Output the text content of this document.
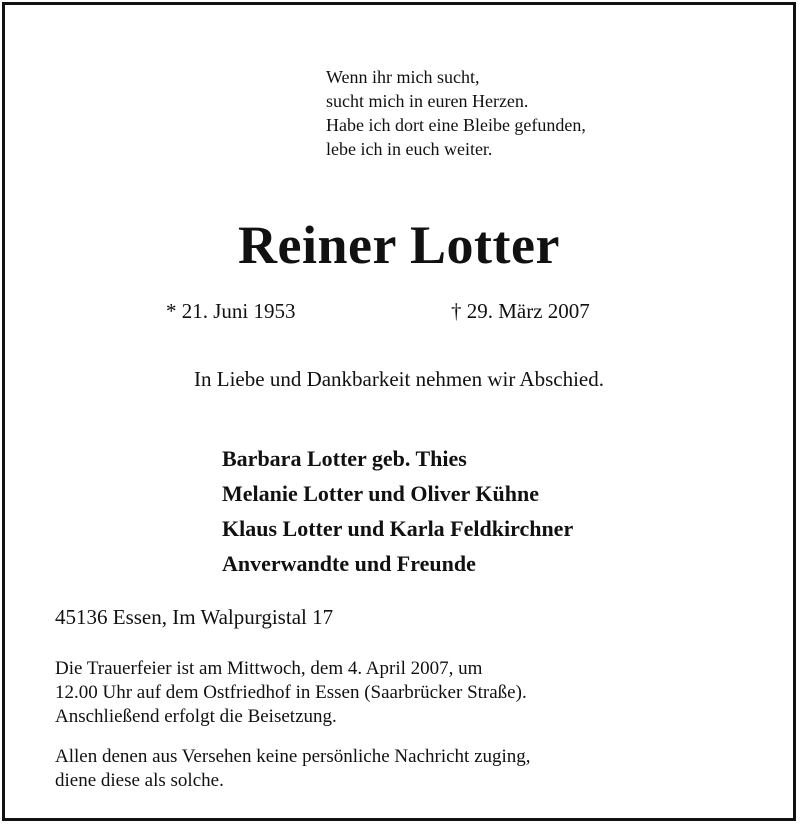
Wenn ihr mich sucht,
sucht mich in euren Herzen.
Habe ich dort eine Bleibe gefunden,
lebe ich in euch weiter.
Reiner Lotter
* 21. Juni 1953	† 29. März 2007
In Liebe und Dankbarkeit nehmen wir Abschied.
Barbara Lotter geb. Thies
Melanie Lotter und Oliver Kühne
Klaus Lotter und Karla Feldkirchner
Anverwandte und Freunde
45136 Essen, Im Walpurgistal 17
Die Trauerfeier ist am Mittwoch, dem 4. April 2007, um
12.00 Uhr auf dem Ostfriedhof in Essen (Saarbrücker Straße).
Anschließend erfolgt die Beisetzung.
Allen denen aus Versehen keine persönliche Nachricht zuging,
diene diese als solche.
